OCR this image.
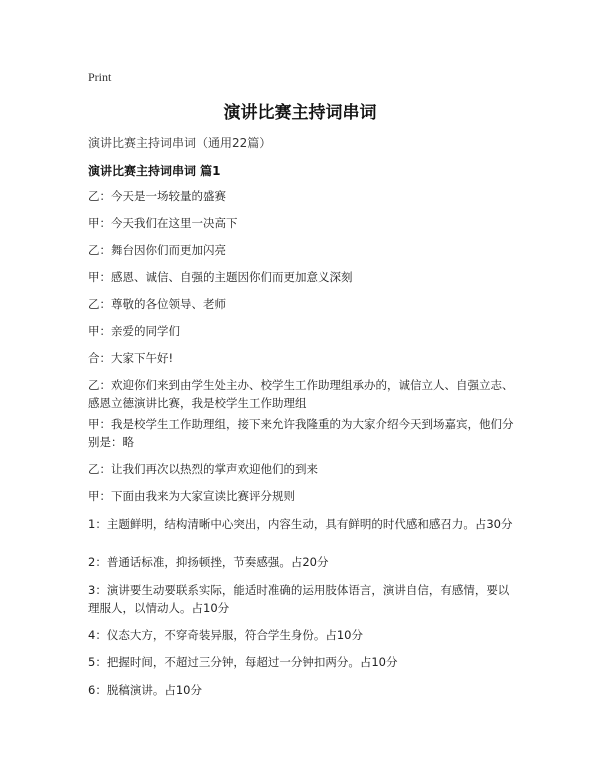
Print
演讲比赛主持词串词
演讲比赛主持词串词（通用22篇）
演讲比赛主持词串词 篇1
乙：今天是一场较量的盛赛
甲：今天我们在这里一决高下
乙：舞台因你们而更加闪亮
甲：感恩、诚信、自强的主题因你们而更加意义深刻
乙：尊敬的各位领导、老师
甲：亲爱的同学们
合：大家下午好!
乙：欢迎你们来到由学生处主办、校学生工作助理组承办的，诚信立人、自强立志、感恩立德演讲比赛，我是校学生工作助理组
甲：我是校学生工作助理组，接下来允许我隆重的为大家介绍今天到场嘉宾，他们分别是：略
乙：让我们再次以热烈的掌声欢迎他们的到来
甲：下面由我来为大家宣读比赛评分规则
1：主题鲜明，结构清晰中心突出，内容生动，具有鲜明的时代感和感召力。占30分
2：普通话标准，抑扬顿挫，节奏感强。占20分
3：演讲要生动要联系实际，能适时准确的运用肢体语言，演讲自信，有感情，要以理服人，以情动人。占10分
4：仪态大方，不穿奇装异服，符合学生身份。占10分
5：把握时间，不超过三分钟，每超过一分钟扣两分。占10分
6：脱稿演讲。占10分
